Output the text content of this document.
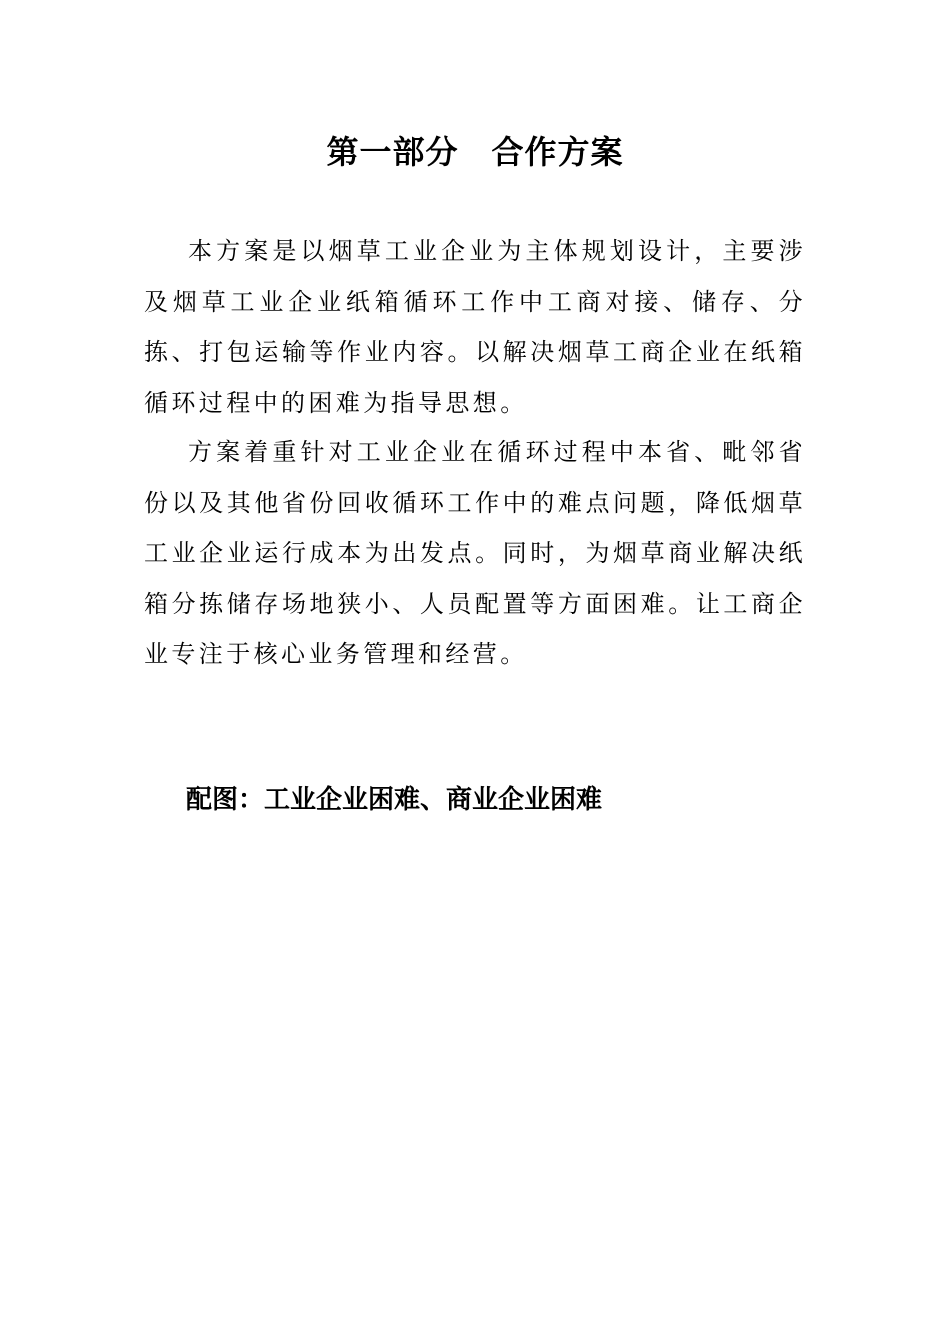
第一部分　合作方案

本方案是以烟草工业企业为主体规划设计，主要涉及烟草工业企业纸箱循环工作中工商对接、储存、分拣、打包运输等作业内容。以解决烟草工商企业在纸箱循环过程中的困难为指导思想。

方案着重针对工业企业在循环过程中本省、毗邻省份以及其他省份回收循环工作中的难点问题，降低烟草工业企业运行成本为出发点。同时，为烟草商业解决纸箱分拣储存场地狭小、人员配置等方面困难。让工商企业专注于核心业务管理和经营。

配图：工业企业困难、商业企业困难
